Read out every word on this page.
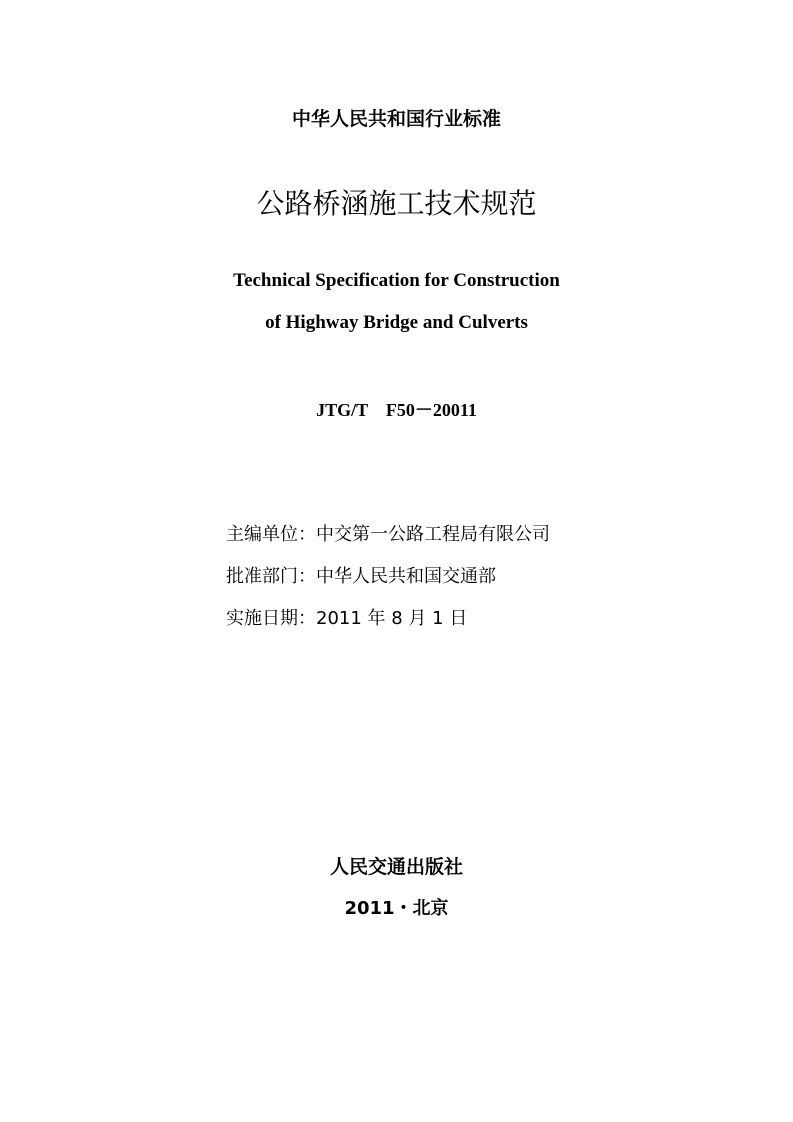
中华人民共和国行业标准
公路桥涵施工技术规范
Technical Specification for Construction
of Highway Bridge and Culverts
JTG/T　F50－20011
主编单位：中交第一公路工程局有限公司
批准部门：中华人民共和国交通部
实施日期：2011 年 8 月 1 日
人民交通出版社
2011・北京
